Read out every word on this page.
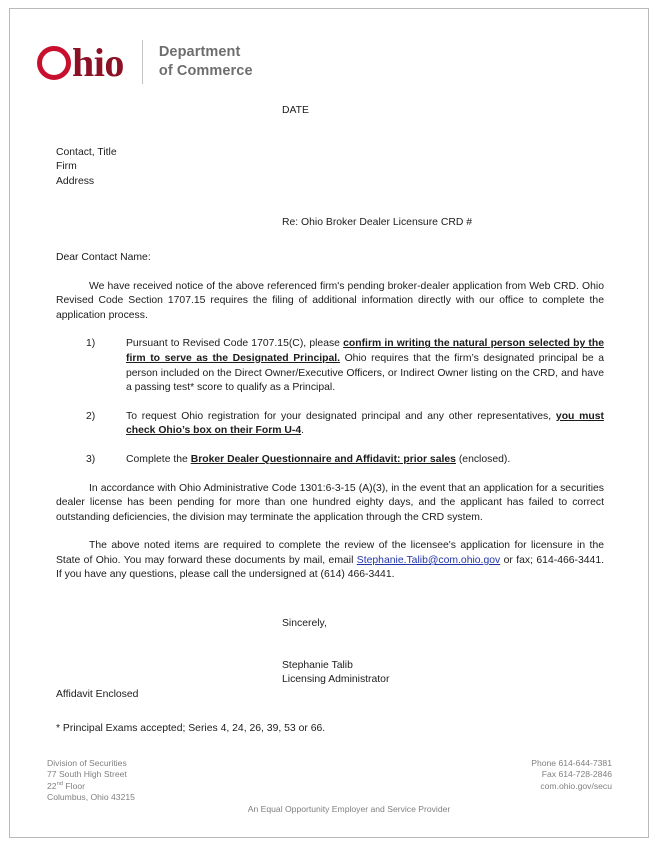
hio Department
of Commerce

DATE

Contact, Title

Firm

Address

Re: Ohio Broker Dealer Licensure CRD #

Dear Contact Name:

We have received notice of the above referenced firm's pending broker-dealer application from Web CRD. Ohio Revised Code Section 1707.15 requires the filing of additional information directly with our office to complete the application process.

1)	Pursuant to Revised Code 1707.15(C), please confirm in writing the natural person selected by the firm to serve as the Designated Principal. Ohio requires that the firm’s designated principal be a person included on the Direct Owner/Executive Officers, or Indirect Owner listing on the CRD, and have a passing test* score to qualify as a Principal.

2)	To request Ohio registration for your designated principal and any other representatives, you must check Ohio’s box on their Form U-4.

3)	Complete the Broker Dealer Questionnaire and Affidavit: prior sales (enclosed).

In accordance with Ohio Administrative Code 1301:6-3-15 (A)(3), in the event that an application for a securities dealer license has been pending for more than one hundred eighty days, and the applicant has failed to correct outstanding deficiencies, the division may terminate the application through the CRD system.

The above noted items are required to complete the review of the licensee's application for licensure in the State of Ohio. You may forward these documents by mail, email Stephanie.Talib@com.ohio.gov or fax; 614-466-3441. If you have any questions, please call the undersigned at (614) 466-3441.

Sincerely,

Stephanie Talib

Licensing Administrator

Affidavit Enclosed

* Principal Exams accepted; Series 4, 24, 26, 39, 53 or 66.

Division of Securities

77 South High Street

22nd Floor

Columbus, Ohio 43215

Phone 614-644-7381

Fax 614-728-2846

com.ohio.gov/secu

An Equal Opportunity Employer and Service Provider
